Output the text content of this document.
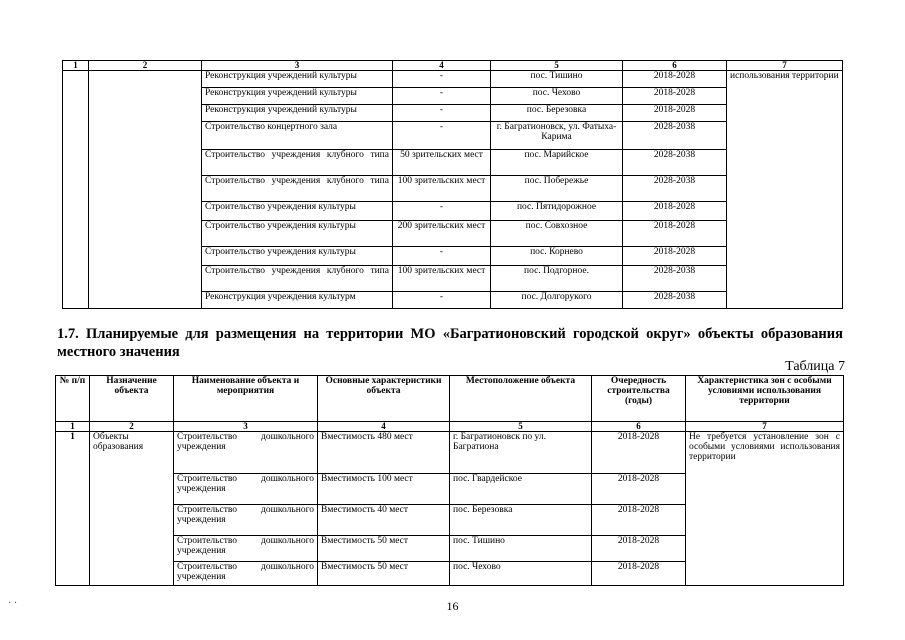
1	2	3	4	5	6	7
		Реконструкция учреждений культуры	-	пос. Тишино	2018-2028	использования территории
		Реконструкция учреждений культуры	-	пос. Чехово	2018-2028	
		Реконструкция учреждений культуры	-	пос. Березовка	2018-2028	
		Строительство концертного зала	-	г. Багратионовск, ул. Фатыха-Карима	2028-2038	
		Строительство учреждения клубного типа	50 зрительских мест	пос. Марийское	2028-2038	
		Строительство учреждения клубного типа	100 зрительских мест	пос. Побережье	2028-2038	
		Строительство учреждения культуры	-	пос. Пятидорожное	2018-2028	
		Строительство учреждения культуры	200 зрительских мест	пос. Совхозное	2018-2028	
		Строительство учреждения культуры	-	пос. Корнево	2018-2028	
		Строительство учреждения клубного типа	100 зрительских мест	пос. Подгорное.	2028-2038	
		Реконструкция учреждения культурм	-	пос. Долгорукого	2028-2038	
1.7. Планируемые для размещения на территории МО «Багратионовский городской округ» объекты образования местного значения
Таблица 7
№ п/п	Назначение объекта	Наименование объекта и мероприятия	Основные характеристики объекта	Местоположение объекта	Очередность строительства (годы)	Характеристика зон с особыми условиями использования территории
1	2	3	4	5	6	7
1	Объекты образования	Строительство дошкольного учреждения	Вместимость 480 мест	г. Багратионовск по ул. Багратиона	2018-2028	Не требуется установление зон с особыми условиями использования территории
		Строительство дошкольного учреждения	Вместимость 100 мест	пос. Гвардейское	2018-2028	
		Строительство дошкольного учреждения	Вместимость 40 мест	пос. Березовка	2018-2028	
		Строительство дошкольного учреждения	Вместимость 50 мест	пос. Тишино	2018-2028	
		Строительство дошкольного учреждения	Вместимость 50 мест	пос. Чехово	2018-2028	
· ·	16
